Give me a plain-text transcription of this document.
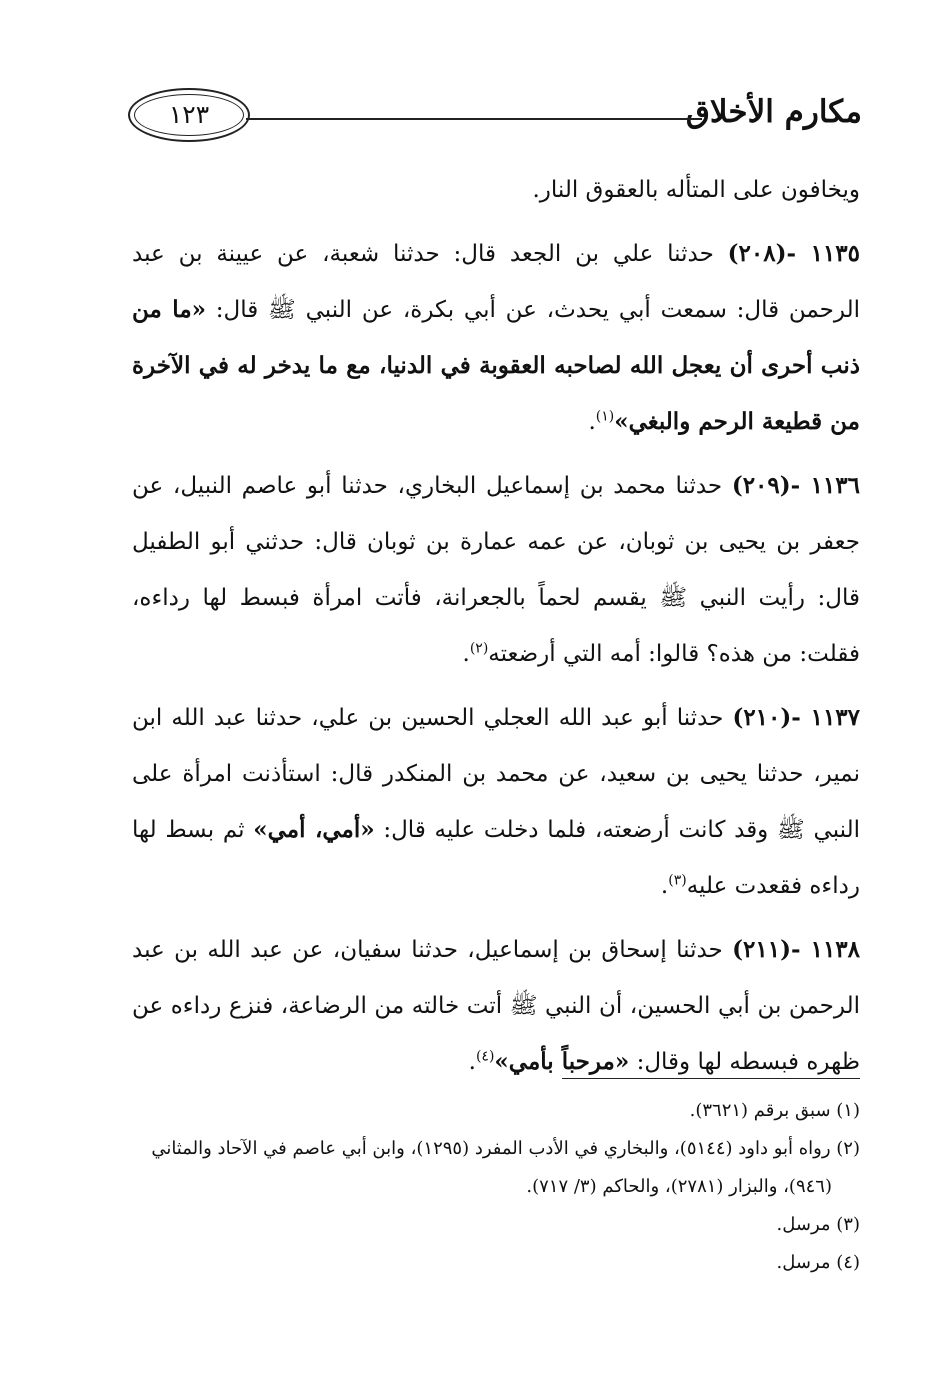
مكارم الأخلاق
١٢٣

ويخافون على المتأله بالعقوق النار.

١١٣٥ -(٢٠٨) حدثنا علي بن الجعد قال: حدثنا شعبة، عن عيينة بن عبد الرحمن قال: سمعت أبي يحدث، عن أبي بكرة، عن النبي ﷺ قال: «ما من ذنب أحرى أن يعجل الله لصاحبه العقوبة في الدنيا، مع ما يدخر له في الآخرة من قطيعة الرحم والبغي»$^{(١)}$.

١١٣٦ -(٢٠٩) حدثنا محمد بن إسماعيل البخاري، حدثنا أبو عاصم النبيل، عن جعفر بن يحيى بن ثوبان، عن عمه عمارة بن ثوبان قال: حدثني أبو الطفيل قال: رأيت النبي ﷺ يقسم لحماً بالجعرانة، فأتت امرأة فبسط لها رداءه، فقلت: من هذه؟ قالوا: أمه التي أرضعته$^{(٢)}$.

١١٣٧ -(٢١٠) حدثنا أبو عبد الله العجلي الحسين بن علي، حدثنا عبد الله ابن نمير، حدثنا يحيى بن سعيد، عن محمد بن المنكدر قال: استأذنت امرأة على النبي ﷺ وقد كانت أرضعته، فلما دخلت عليه قال: «أمي، أمي» ثم بسط لها رداءه فقعدت عليه$^{(٣)}$.

١١٣٨ -(٢١١) حدثنا إسحاق بن إسماعيل، حدثنا سفيان، عن عبد الله بن عبد الرحمن بن أبي الحسين، أن النبي ﷺ أتت خالته من الرضاعة، فنزع رداءه عن ظهره فبسطه لها وقال: «مرحباً بأمي»$^{(٤)}$.

(١) سبق برقم (٣٦٢١).

(٢) رواه أبو داود (٥١٤٤)، والبخاري في الأدب المفرد (١٢٩٥)، وابن أبي عاصم في الآحاد والمثاني

(٩٤٦)، والبزار (٢٧٨١)، والحاكم (٣/ ٧١٧).

(٣) مرسل.

(٤) مرسل.
